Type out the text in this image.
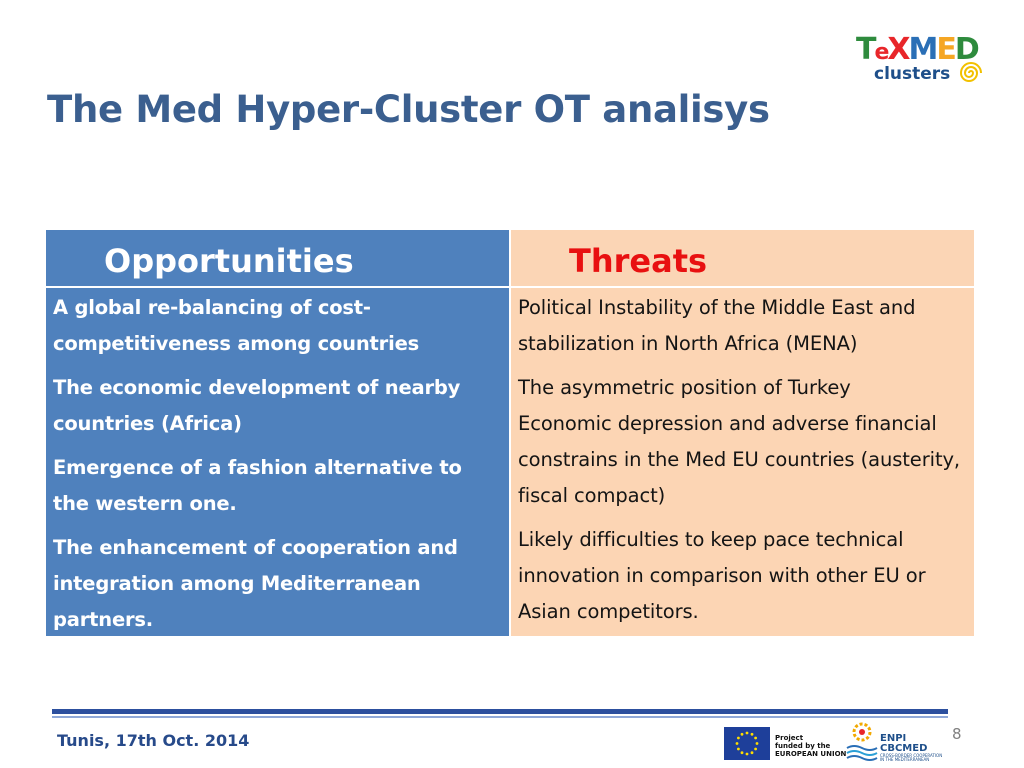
The Med Hyper-Cluster OT analisys
TeXMED
clusters
Opportunities	Threats
A global re-balancing of cost-competitiveness among countries
The economic development of nearby countries (Africa)
Emergence of a fashion alternative to the western one.
The enhancement of cooperation and integration among Mediterranean partners.
Political Instability of the Middle East and stabilization in North Africa (MENA)
The asymmetric position of Turkey
Economic depression and adverse financial constrains in the Med EU countries (austerity, fiscal compact)
Likely difficulties to keep pace technical innovation in comparison with other EU or Asian competitors.
Tunis, 17th Oct. 2014	8
Project
funded by the
EUROPEAN UNION
ENPI
CBCMED
CROSS-BORDER COOPERATION
IN THE MEDITERRANEAN
